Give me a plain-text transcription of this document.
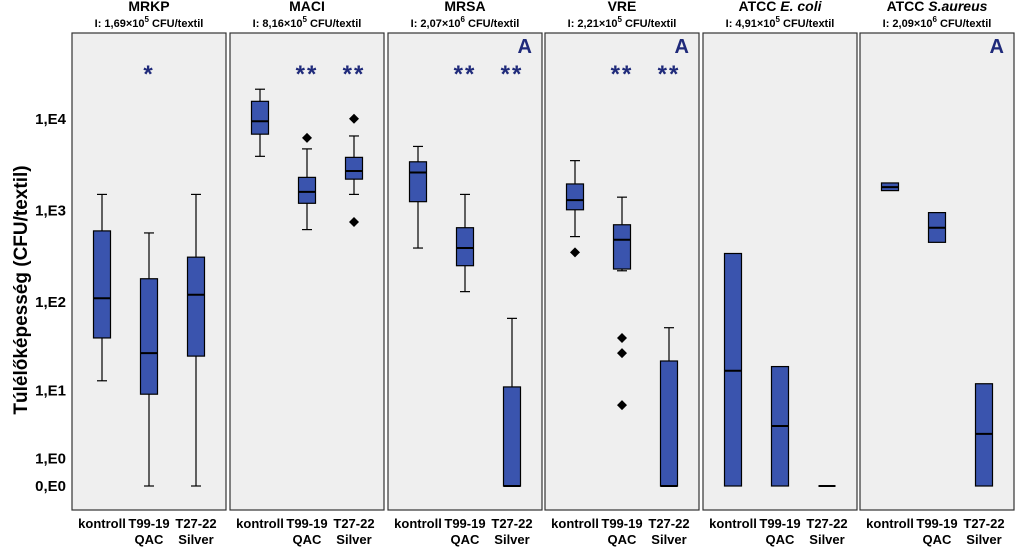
Túlélőképesség (CFU/textil)
0,E0
1,E0
1,E1
1,E2
1,E3
1,E4
MRKP
I: $1,69\times 10^5$ CFU/textil
kontroll
*
T99-19
QAC
T27-22
Silver
MACI
I: $8,16\times 10^5$ CFU/textil
kontroll
**
T99-19
QAC
**
T27-22
Silver
MRSA
I: $2,07\times 10^6$ CFU/textil
A
kontroll
**
T99-19
QAC
**
T27-22
Silver
VRE
I: $2,21\times 10^5$ CFU/textil
A
kontroll
**
T99-19
QAC
**
T27-22
Silver
ATCC E. coli
I: $4,91\times 10^5$ CFU/textil
kontroll T99-19
QAC
T27-22
Silver
ATCC S.aureus
I: $2,09\times 10^6$ CFU/textil
A
kontroll T99-19
QAC
T27-22
Silver
